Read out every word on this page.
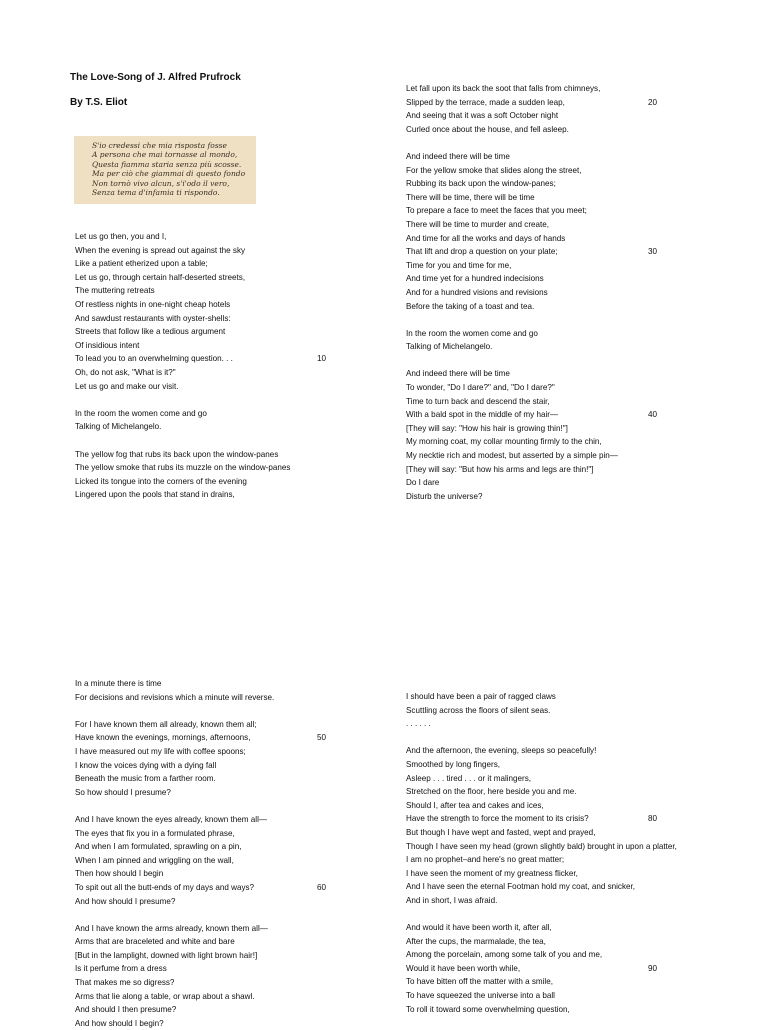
The Love-Song of J. Alfred Prufrock
By T.S. Eliot
S'io credessi che mia risposta fosse
A persona che mai tornasse al mondo,
Questa fiamma staria senza più scosse.
Ma per ciò che giammai di questo fondo
Non tornò vivo alcun, s'i'odo il vero,
Senza tema d'infamia ti rispondo.
Let us go then, you and I,
When the evening is spread out against the sky
Like a patient etherized upon a table;
Let us go, through certain half-deserted streets,
The muttering retreats
Of restless nights in one-night cheap hotels
And sawdust restaurants with oyster-shells:
Streets that follow like a tedious argument
Of insidious intent
To lead you to an overwhelming question. . .	10
Oh, do not ask, "What is it?"
Let us go and make our visit.
In the room the women come and go
Talking of Michelangelo.
The yellow fog that rubs its back upon the window-panes
The yellow smoke that rubs its muzzle on the window-panes
Licked its tongue into the corners of the evening
Lingered upon the pools that stand in drains,
Let fall upon its back the soot that falls from chimneys,
Slipped by the terrace, made a sudden leap,	20
And seeing that it was a soft October night
Curled once about the house, and fell asleep.
And indeed there will be time
For the yellow smoke that slides along the street,
Rubbing its back upon the window-panes;
There will be time, there will be time
To prepare a face to meet the faces that you meet;
There will be time to murder and create,
And time for all the works and days of hands
That lift and drop a question on your plate;	30
Time for you and time for me,
And time yet for a hundred indecisions
And for a hundred visions and revisions
Before the taking of a toast and tea.
In the room the women come and go
Talking of Michelangelo.
And indeed there will be time
To wonder, "Do I dare?" and, "Do I dare?"
Time to turn back and descend the stair,
With a bald spot in the middle of my hair—	40
[They will say: "How his hair is growing thin!"]
My morning coat, my collar mounting firmly to the chin,
My necktie rich and modest, but asserted by a simple pin—
[They will say: "But how his arms and legs are thin!"]
Do I dare
Disturb the universe?
In a minute there is time
For decisions and revisions which a minute will reverse.
For I have known them all already, known them all;
Have known the evenings, mornings, afternoons,	50
I have measured out my life with coffee spoons;
I know the voices dying with a dying fall
Beneath the music from a farther room.
So how should I presume?
And I have known the eyes already, known them all—
The eyes that fix you in a formulated phrase,
And when I am formulated, sprawling on a pin,
When I am pinned and wriggling on the wall,
Then how should I begin
To spit out all the butt-ends of my days and ways?	60
And how should I presume?
And I have known the arms already, known them all—
Arms that are braceleted and white and bare
[But in the lamplight, downed with light brown hair!]
Is it perfume from a dress
That makes me so digress?
Arms that lie along a table, or wrap about a shawl.
And should I then presume?
And how should I begin?
I should have been a pair of ragged claws
Scuttling across the floors of silent seas.
. . . . . .
And the afternoon, the evening, sleeps so peacefully!
Smoothed by long fingers,
Asleep . . . tired . . . or it malingers,
Stretched on the floor, here beside you and me.
Should I, after tea and cakes and ices,
Have the strength to force the moment to its crisis?	80
But though I have wept and fasted, wept and prayed,
Though I have seen my head (grown slightly bald) brought in upon a platter,
I am no prophet–and here's no great matter;
I have seen the moment of my greatness flicker,
And I have seen the eternal Footman hold my coat, and snicker,
And in short, I was afraid.
And would it have been worth it, after all,
After the cups, the marmalade, the tea,
Among the porcelain, among some talk of you and me,
Would it have been worth while,	90
To have bitten off the matter with a smile,
To have squeezed the universe into a ball
To roll it toward some overwhelming question,
